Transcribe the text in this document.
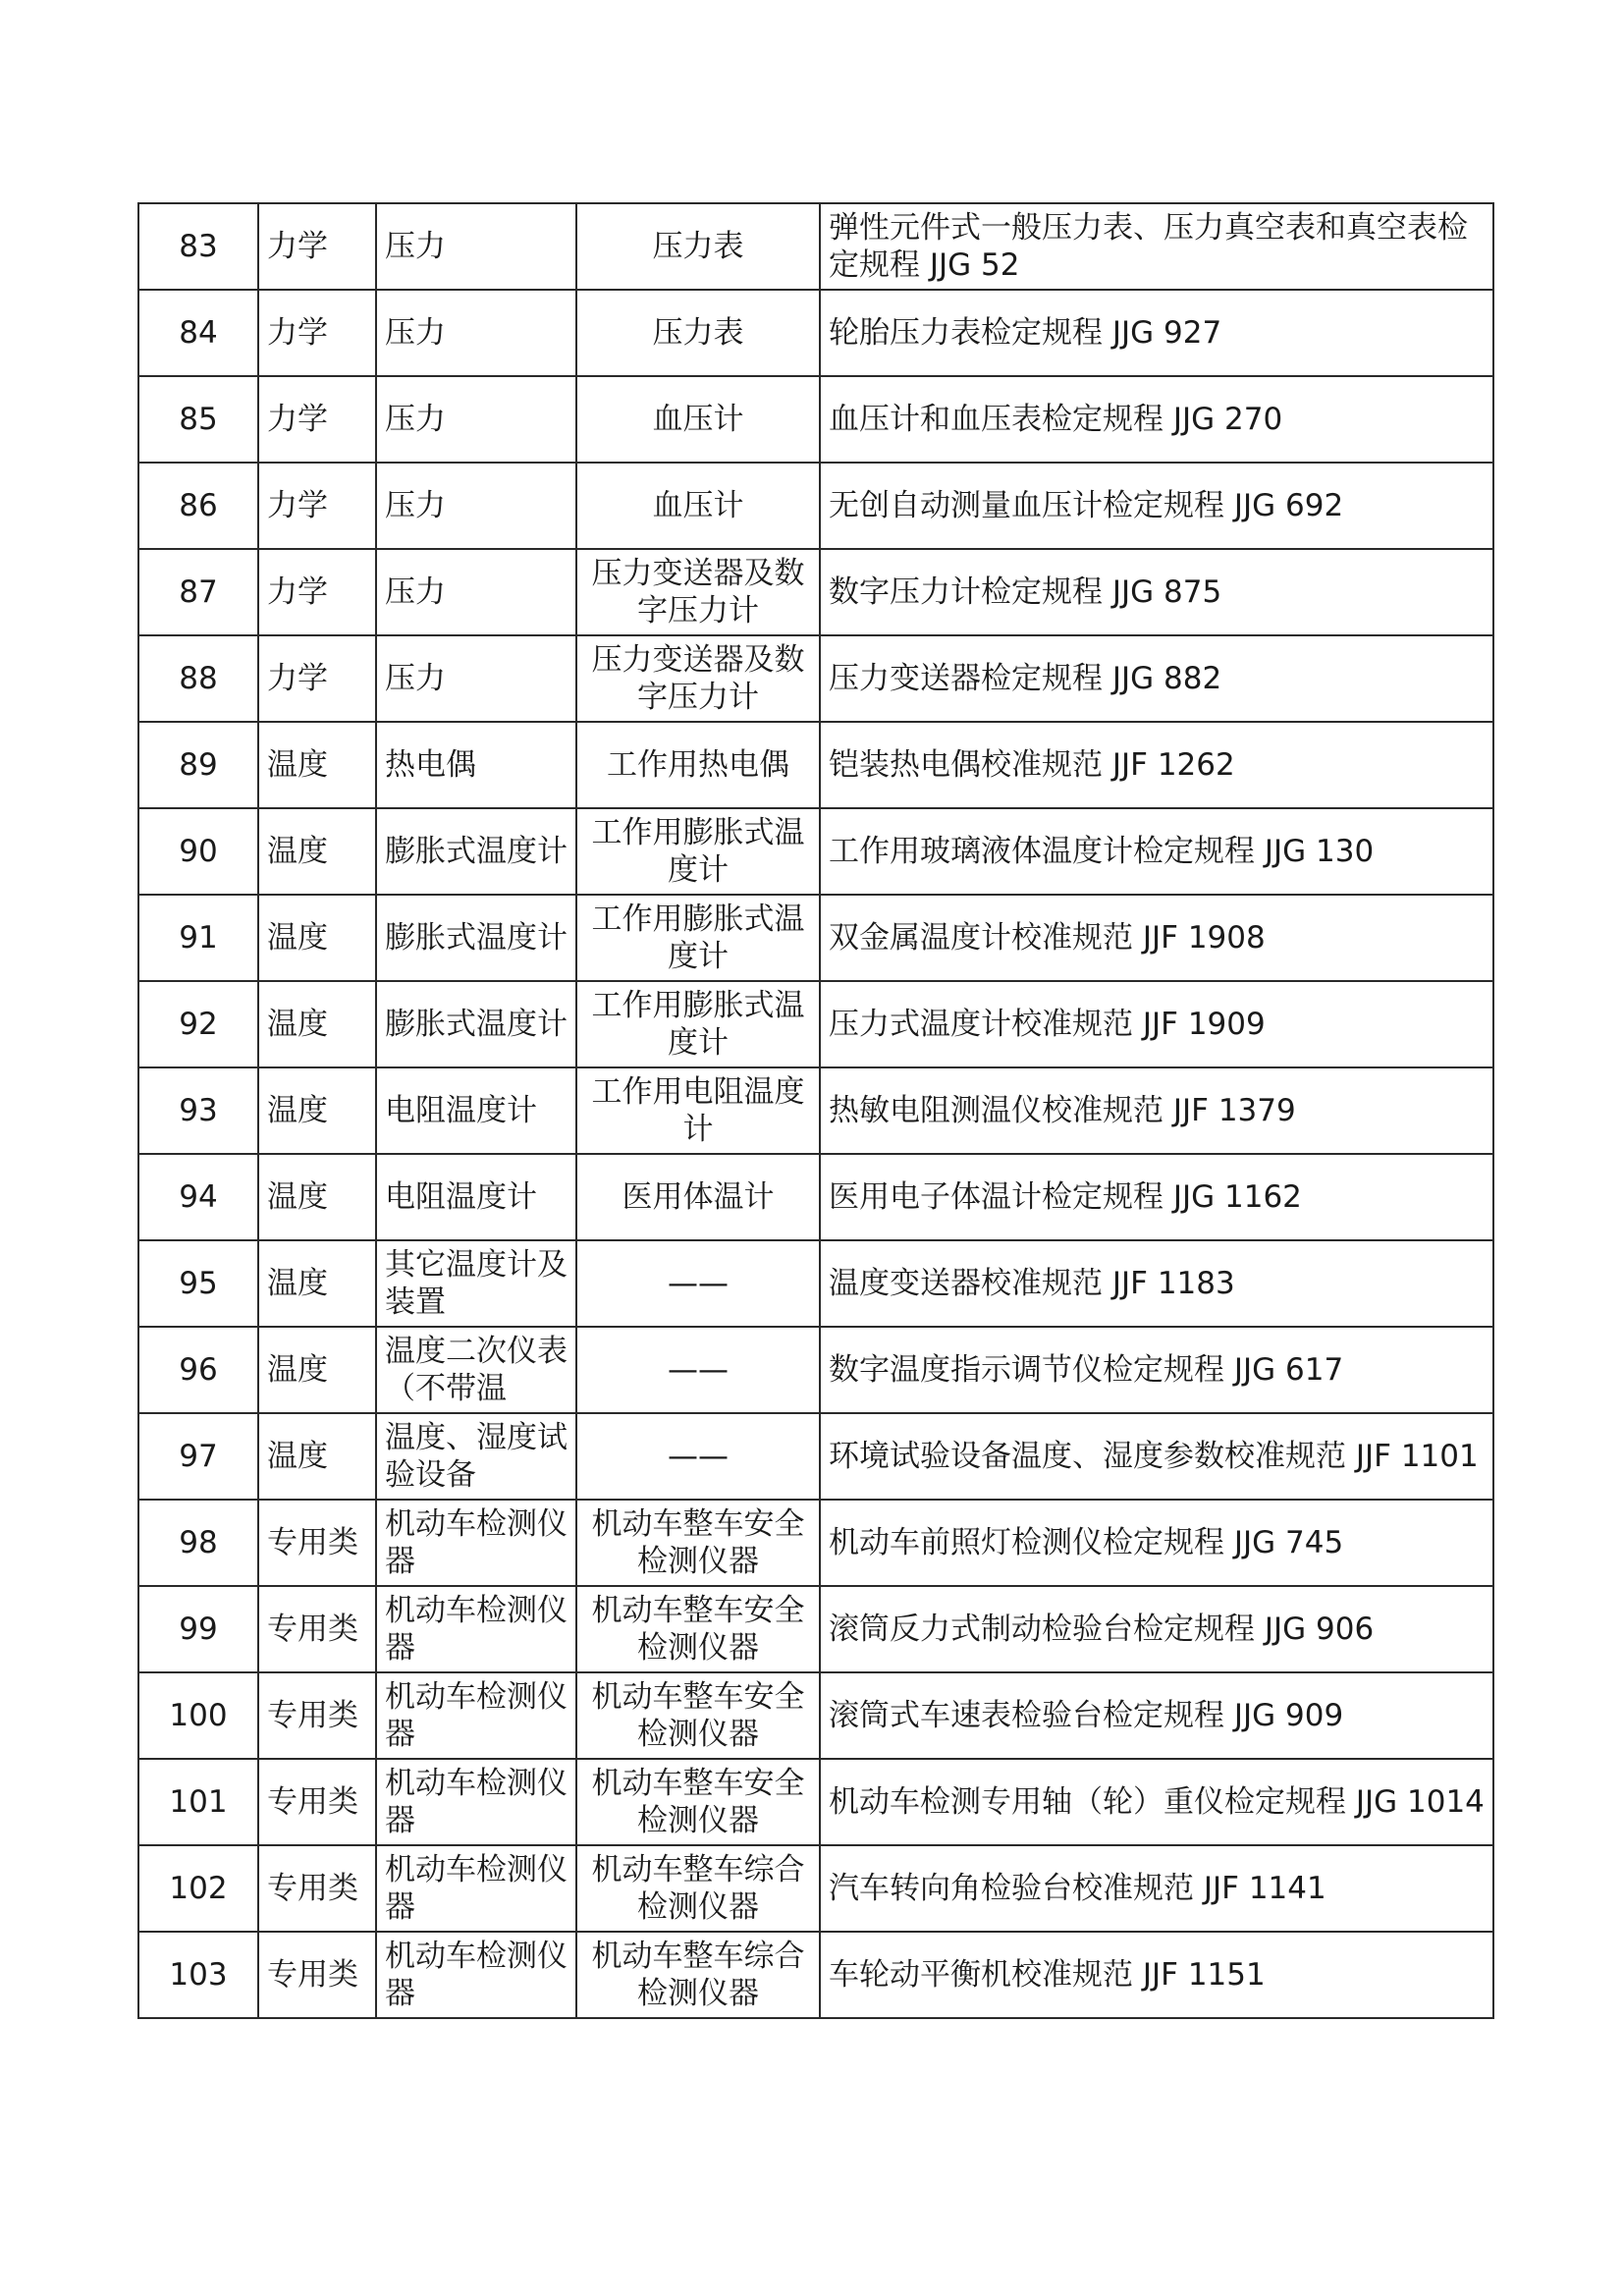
83	力学	压力	压力表	弹性元件式一般压力表、压力真空表和真空表检定规程 JJG 52
84	力学	压力	压力表	轮胎压力表检定规程 JJG 927
85	力学	压力	血压计	血压计和血压表检定规程 JJG 270
86	力学	压力	血压计	无创自动测量血压计检定规程 JJG 692
87	力学	压力	压力变送器及数字压力计	数字压力计检定规程 JJG 875
88	力学	压力	压力变送器及数字压力计	压力变送器检定规程 JJG 882
89	温度	热电偶	工作用热电偶	铠装热电偶校准规范 JJF 1262
90	温度	膨胀式温度计	工作用膨胀式温度计	工作用玻璃液体温度计检定规程 JJG 130
91	温度	膨胀式温度计	工作用膨胀式温度计	双金属温度计校准规范 JJF 1908
92	温度	膨胀式温度计	工作用膨胀式温度计	压力式温度计校准规范 JJF 1909
93	温度	电阻温度计	工作用电阻温度计	热敏电阻测温仪校准规范 JJF 1379
94	温度	电阻温度计	医用体温计	医用电子体温计检定规程 JJG 1162
95	温度	其它温度计及装置	——	温度变送器校准规范 JJF 1183
96	温度	温度二次仪表（不带温	——	数字温度指示调节仪检定规程 JJG 617
97	温度	温度、湿度试验设备	——	环境试验设备温度、湿度参数校准规范 JJF 1101
98	专用类	机动车检测仪器	机动车整车安全检测仪器	机动车前照灯检测仪检定规程 JJG 745
99	专用类	机动车检测仪器	机动车整车安全检测仪器	滚筒反力式制动检验台检定规程 JJG 906
100	专用类	机动车检测仪器	机动车整车安全检测仪器	滚筒式车速表检验台检定规程 JJG 909
101	专用类	机动车检测仪器	机动车整车安全检测仪器	机动车检测专用轴（轮）重仪检定规程 JJG 1014
102	专用类	机动车检测仪器	机动车整车综合检测仪器	汽车转向角检验台校准规范 JJF 1141
103	专用类	机动车检测仪器	机动车整车综合检测仪器	车轮动平衡机校准规范 JJF 1151
